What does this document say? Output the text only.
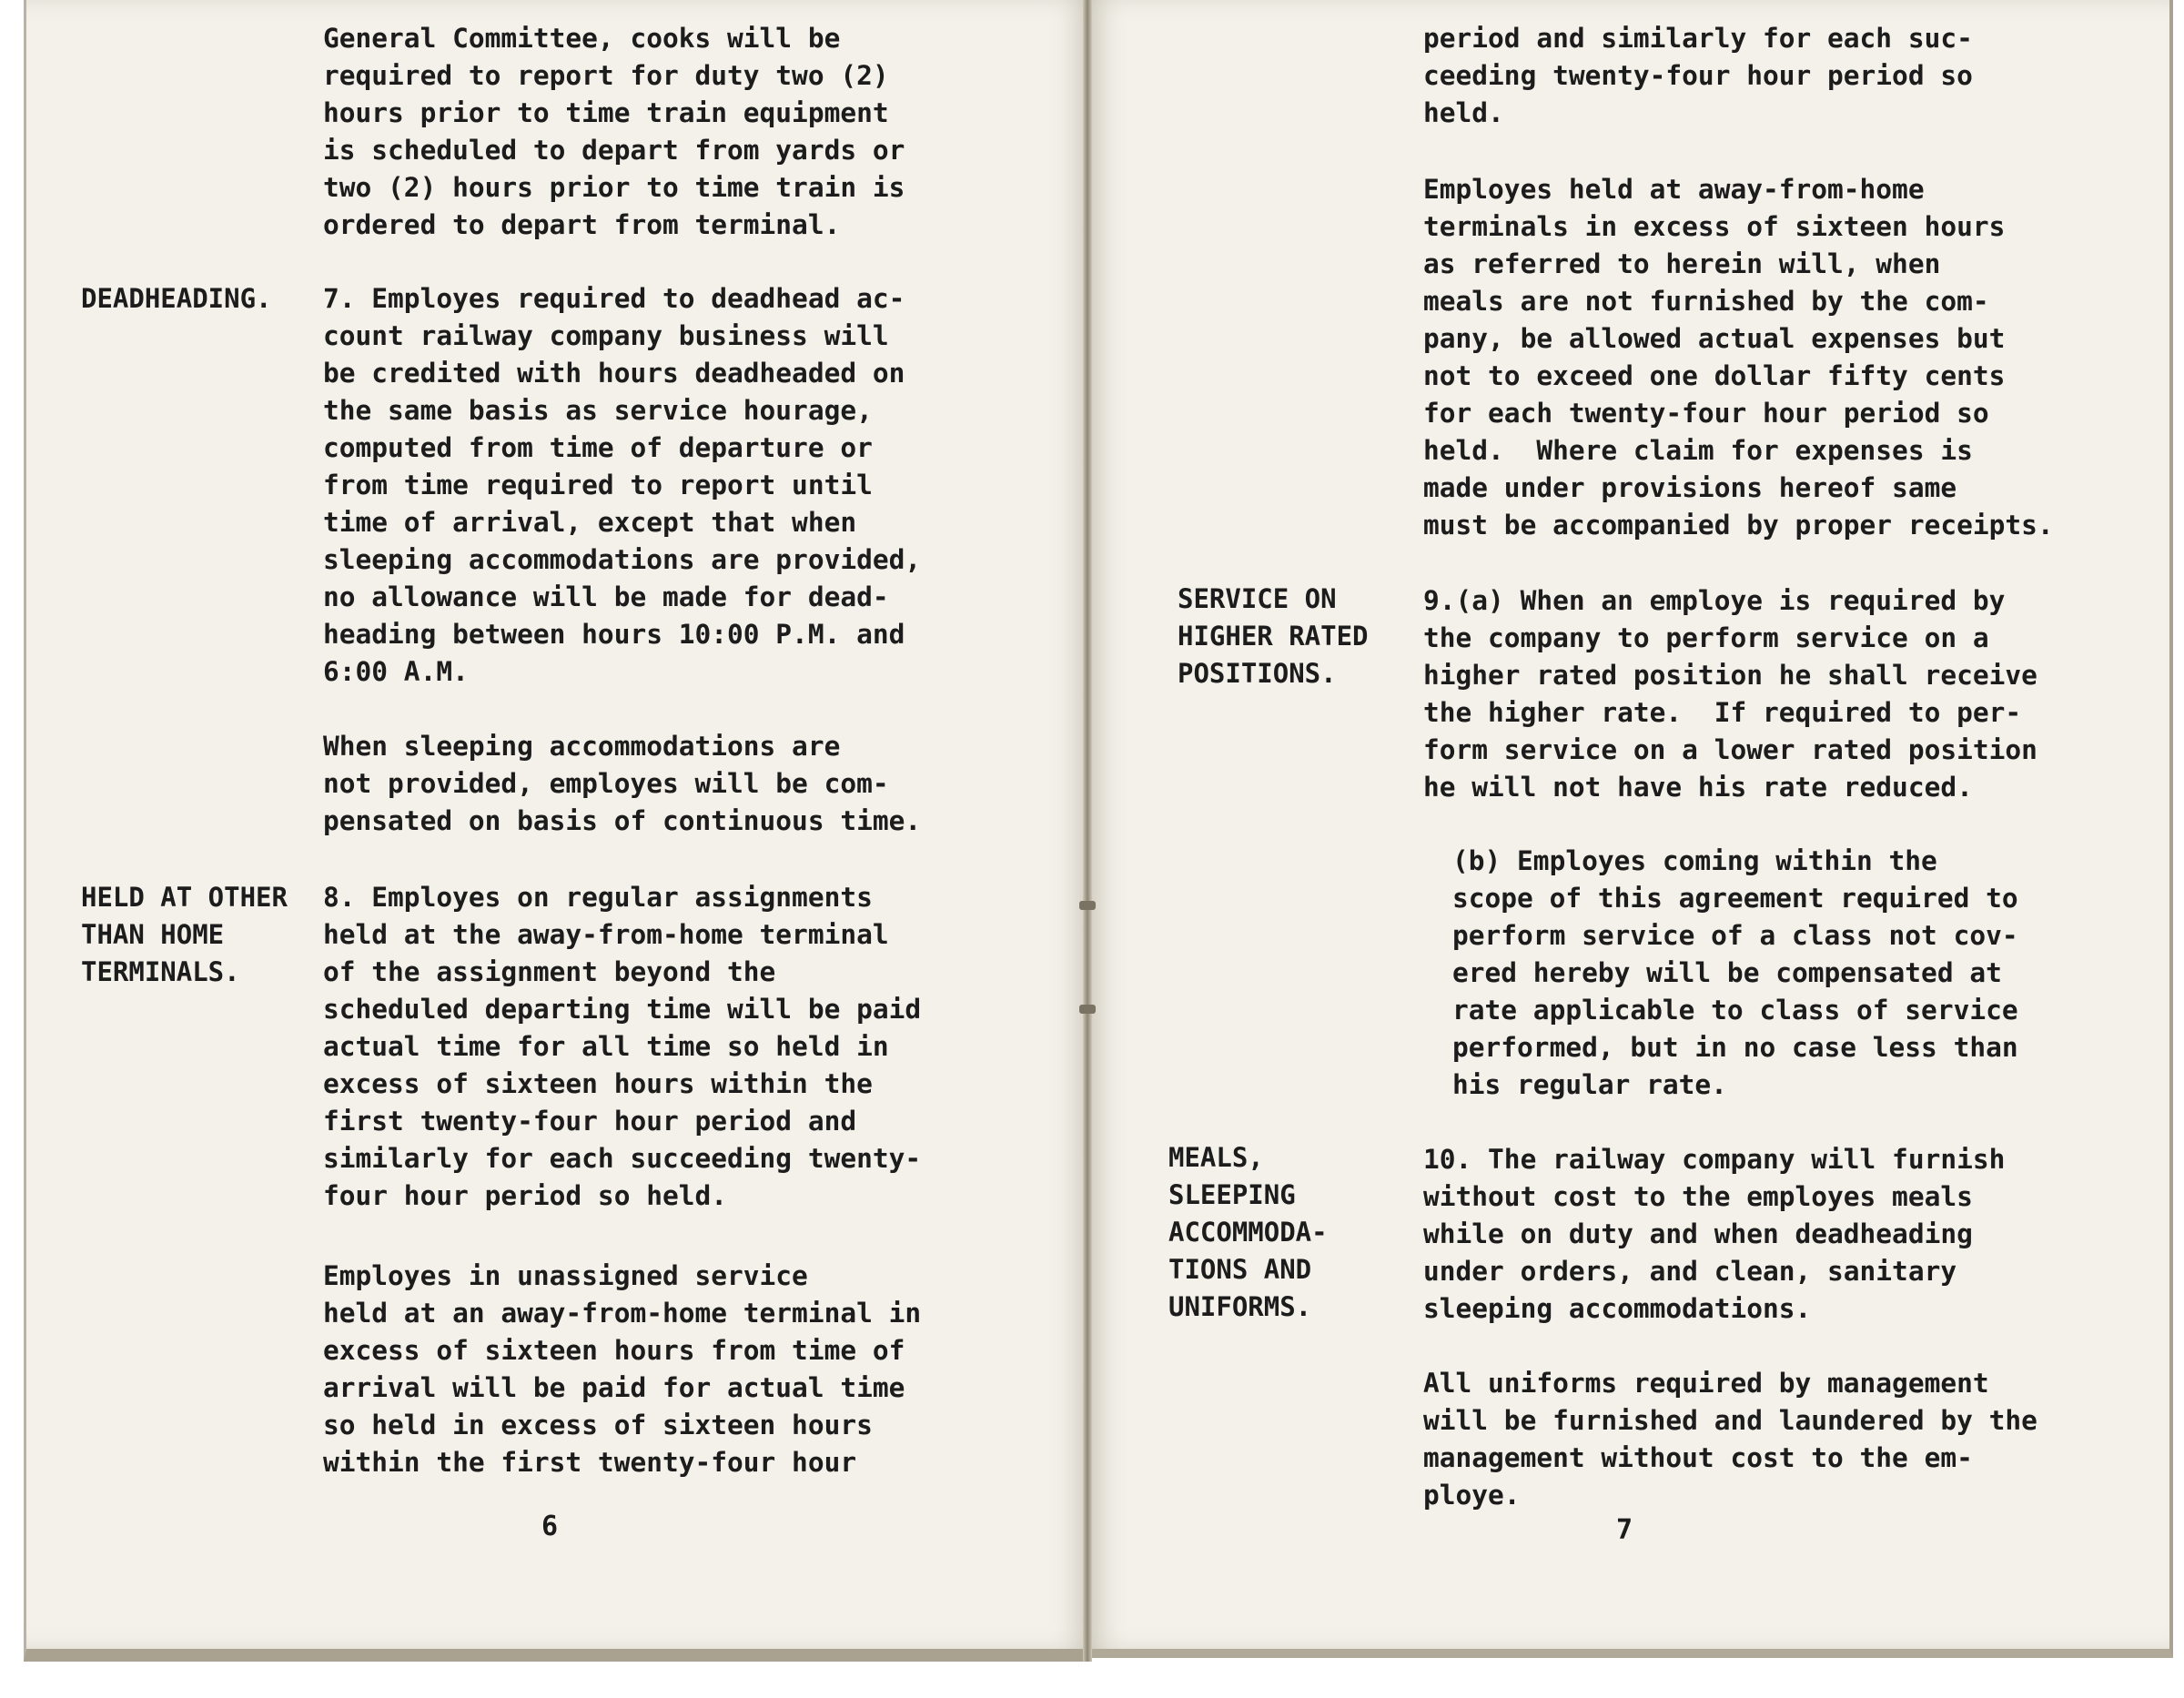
General Committee, cooks will be
required to report for duty two (2)
hours prior to time train equipment
is scheduled to depart from yards or
two (2) hours prior to time train is
ordered to depart from terminal.
DEADHEADING. 7. Employes required to deadhead ac-
count railway company business will
be credited with hours deadheaded on
the same basis as service hourage,
computed from time of departure or
from time required to report until
time of arrival, except that when
sleeping accommodations are provided,
no allowance will be made for dead-
heading between hours 10:00 P.M. and
6:00 A.M.
When sleeping accommodations are
not provided, employes will be com-
pensated on basis of continuous time.
HELD AT OTHER
THAN HOME
TERMINALS.
8. Employes on regular assignments
held at the away-from-home terminal
of the assignment beyond the
scheduled departing time will be paid
actual time for all time so held in
excess of sixteen hours within the
first twenty-four hour period and
similarly for each succeeding twenty-
four hour period so held.
Employes in unassigned service
held at an away-from-home terminal in
excess of sixteen hours from time of
arrival will be paid for actual time
so held in excess of sixteen hours
within the first twenty-four hour
6
period and similarly for each suc-
ceeding twenty-four hour period so
held.
Employes held at away-from-home
terminals in excess of sixteen hours
as referred to herein will, when
meals are not furnished by the com-
pany, be allowed actual expenses but
not to exceed one dollar fifty cents
for each twenty-four hour period so
held.  Where claim for expenses is
made under provisions hereof same
must be accompanied by proper receipts.
SERVICE ON
HIGHER RATED
POSITIONS.
9.(a) When an employe is required by
the company to perform service on a
higher rated position he shall receive
the higher rate.  If required to per-
form service on a lower rated position
he will not have his rate reduced.
(b) Employes coming within the
scope of this agreement required to
perform service of a class not cov-
ered hereby will be compensated at
rate applicable to class of service
performed, but in no case less than
his regular rate.
MEALS,
SLEEPING
ACCOMMODA-
TIONS AND
UNIFORMS.
10. The railway company will furnish
without cost to the employes meals
while on duty and when deadheading
under orders, and clean, sanitary
sleeping accommodations.
All uniforms required by management
will be furnished and laundered by the
management without cost to the em-
ploye.
7
